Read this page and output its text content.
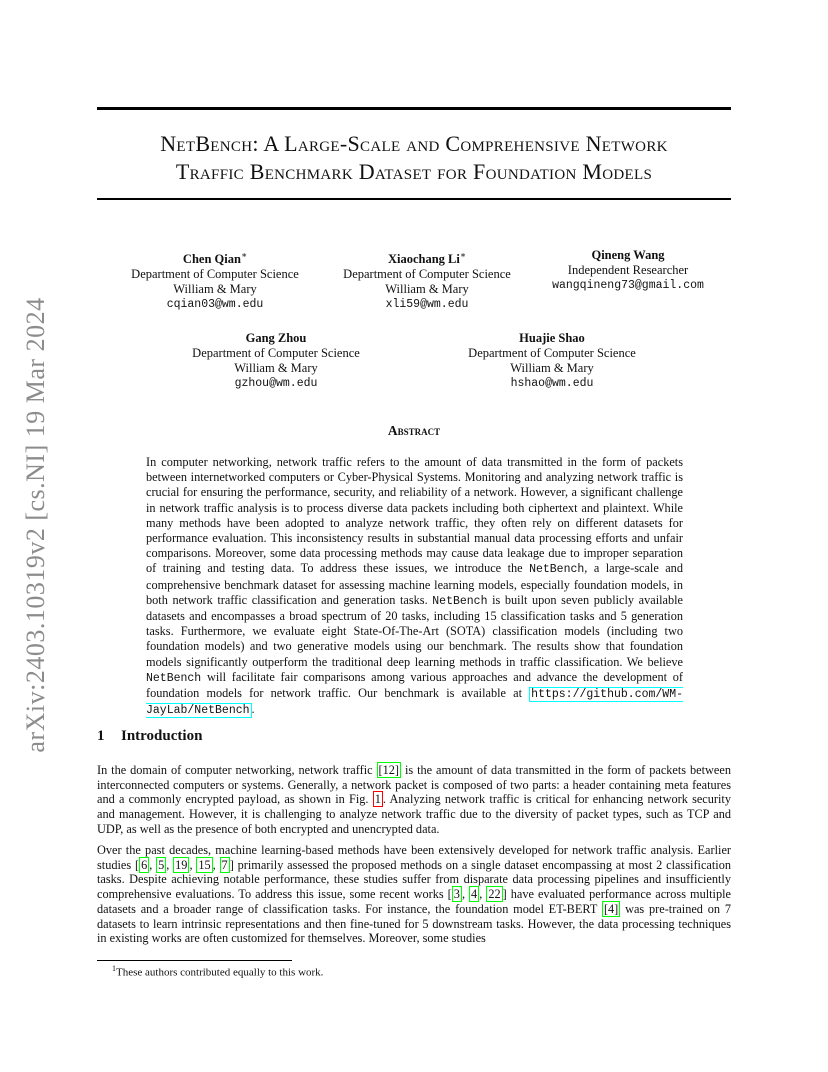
arXiv:2403.10319v2 [cs.NI] 19 Mar 2024
NetBench: A Large-Scale and Comprehensive Network
Traffic Benchmark Dataset for Foundation Models
Chen Qian∗
Department of Computer Science
William & Mary
cqian03@wm.edu
Xiaochang Li∗
Department of Computer Science
William & Mary
xli59@wm.edu
Qineng Wang
Independent Researcher
wangqineng73@gmail.com
Gang Zhou
Department of Computer Science
William & Mary
gzhou@wm.edu
Huajie Shao
Department of Computer Science
William & Mary
hshao@wm.edu
Abstract
In computer networking, network traffic refers to the amount of data transmitted in the form of packets between internetworked computers or Cyber-Physical Systems. Monitoring and analyzing network traffic is crucial for ensuring the performance, security, and reliability of a network. However, a significant challenge in network traffic analysis is to process diverse data packets including both ciphertext and plaintext. While many methods have been adopted to analyze network traffic, they often rely on different datasets for performance evaluation. This inconsistency results in substantial manual data processing efforts and unfair comparisons. Moreover, some data processing methods may cause data leakage due to improper separation of training and testing data. To address these issues, we introduce the NetBench, a large-scale and comprehensive benchmark dataset for assessing machine learning models, especially foundation models, in both network traffic classification and generation tasks. NetBench is built upon seven publicly available datasets and encompasses a broad spectrum of 20 tasks, including 15 classification tasks and 5 generation tasks. Furthermore, we evaluate eight State-Of-The-Art (SOTA) classification models (including two foundation models) and two generative models using our benchmark. The results show that foundation models significantly outperform the traditional deep learning methods in traffic classification. We believe NetBench will facilitate fair comparisons among various approaches and advance the development of foundation models for network traffic. Our benchmark is available at https://github.com/WM-JayLab/NetBench .
1 Introduction
In the domain of computer networking, network traffic [12] is the amount of data transmitted in the form of packets between interconnected computers or systems. Generally, a network packet is composed of two parts: a header containing meta features and a commonly encrypted payload, as shown in Fig. 1 . Analyzing network traffic is critical for enhancing network security and management. However, it is challenging to analyze network traffic due to the diversity of packet types, such as TCP and UDP, as well as the presence of both encrypted and unencrypted data.
Over the past decades, machine learning-based methods have been extensively developed for network traffic analysis. Earlier studies [ 6 , 5 , 19 , 15 , 7 ] primarily assessed the proposed methods on a single dataset encompassing at most 2 classification tasks. Despite achieving notable performance, these studies suffer from disparate data processing pipelines and insufficiently comprehensive evaluations. To address this issue, some recent works [ 3 , 4 , 22 ] have evaluated performance across multiple datasets and a broader range of classification tasks. For instance, the foundation model ET-BERT [4] was pre-trained on 7 datasets to learn intrinsic representations and then fine-tuned for 5 downstream tasks. However, the data processing techniques in existing works are often customized for themselves. Moreover, some studies
$^1$These authors contributed equally to this work.
